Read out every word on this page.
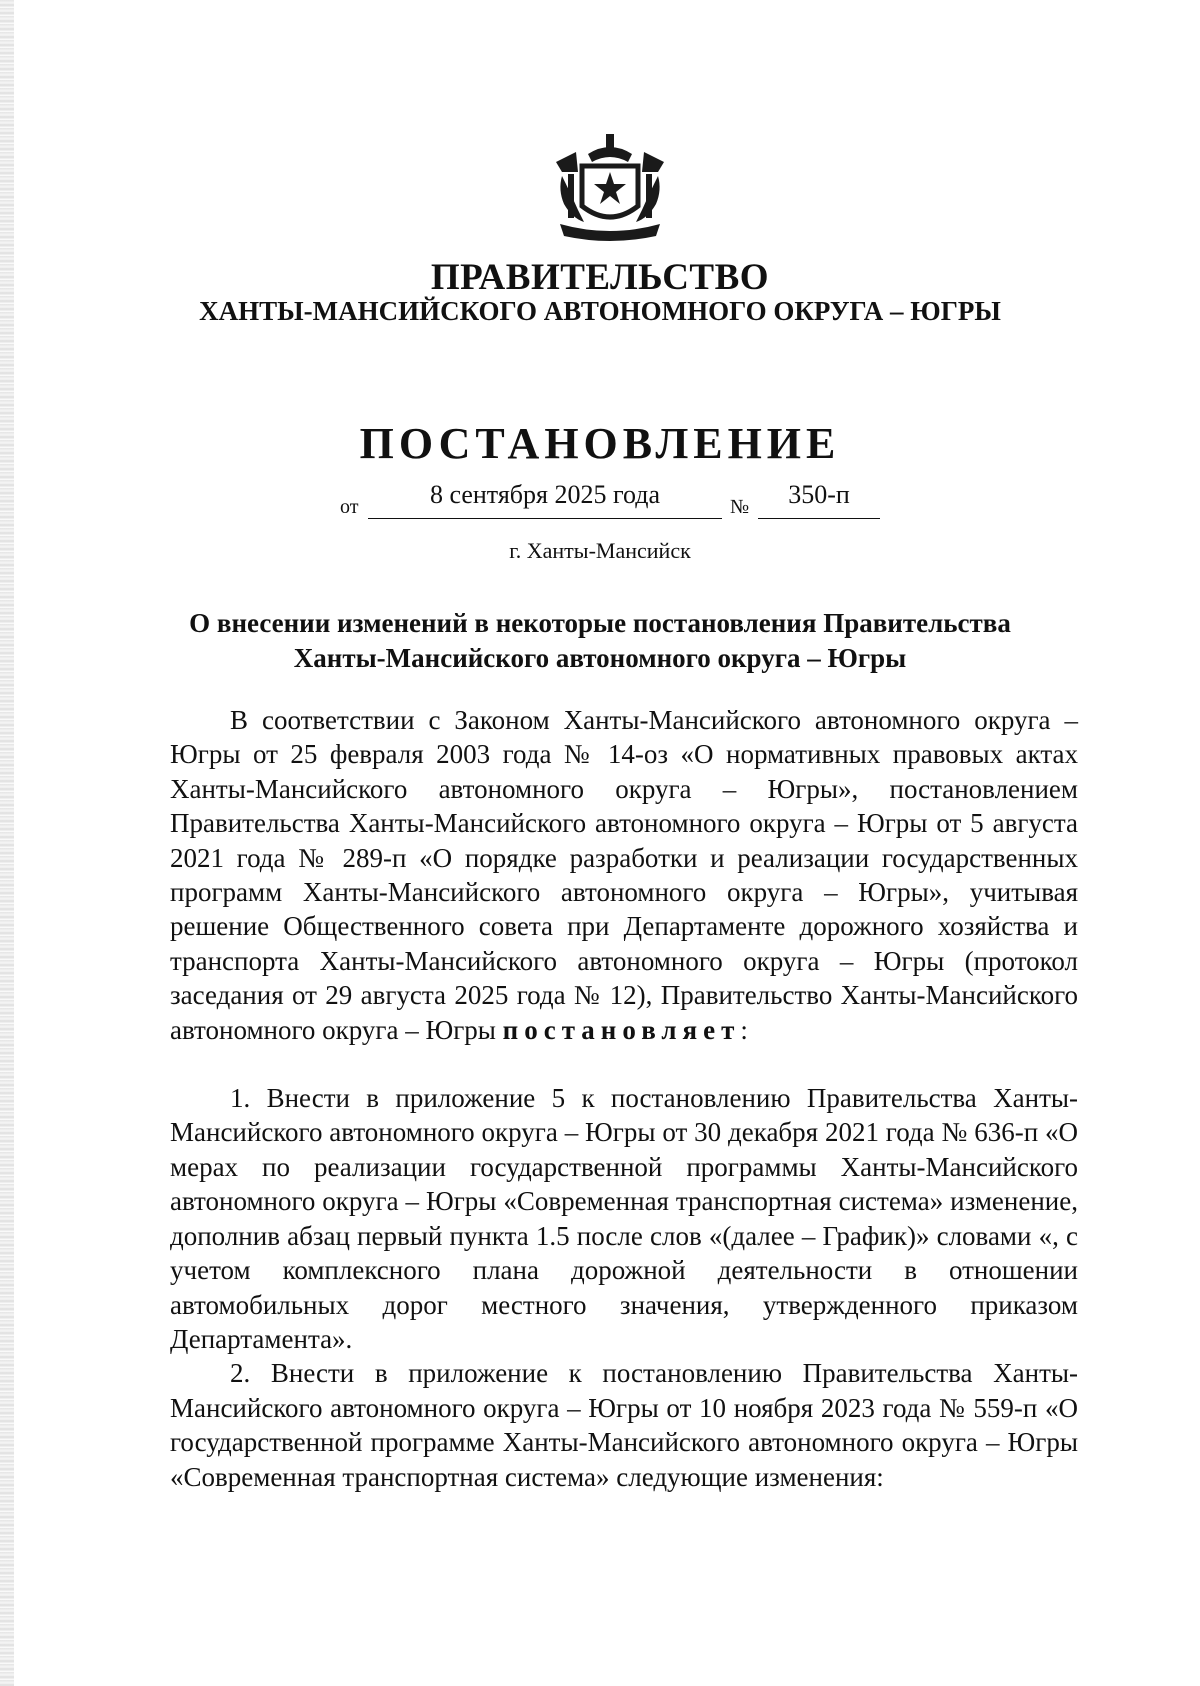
ПРАВИТЕЛЬСТВО
ХАНТЫ-МАНСИЙСКОГО АВТОНОМНОГО ОКРУГА – ЮГРЫ
ПОСТАНОВЛЕНИЕ
от	8 сентября 2025 года	№	350-п
г. Ханты-Мансийск
О внесении изменений в некоторые постановления Правительства Ханты-Мансийского автономного округа – Югры

В соответствии с Законом Ханты-Мансийского автономного округа – Югры от 25 февраля 2003 года № 14-оз «О нормативных правовых актах Ханты-Мансийского автономного округа – Югры», постановлением Правительства Ханты-Мансийского автономного округа – Югры от 5 августа 2021 года № 289-п «О порядке разработки и реализации государственных программ Ханты-Мансийского автономного округа – Югры», учитывая решение Общественного совета при Департаменте дорожного хозяйства и транспорта Ханты-Мансийского автономного округа – Югры (протокол заседания от 29 августа 2025 года № 12), Правительство Ханты-Мансийского автономного округа – Югры постановляет:

1. Внести в приложение 5 к постановлению Правительства Ханты-Мансийского автономного округа – Югры от 30 декабря 2021 года № 636-п «О мерах по реализации государственной программы Ханты-Мансийского автономного округа – Югры «Современная транспортная система» изменение, дополнив абзац первый пункта 1.5 после слов «(далее – График)» словами «, с учетом комплексного плана дорожной деятельности в отношении автомобильных дорог местного значения, утвержденного приказом Департамента».

2. Внести в приложение к постановлению Правительства Ханты-Мансийского автономного округа – Югры от 10 ноября 2023 года № 559-п «О государственной программе Ханты-Мансийского автономного округа – Югры «Современная транспортная система» следующие изменения:
